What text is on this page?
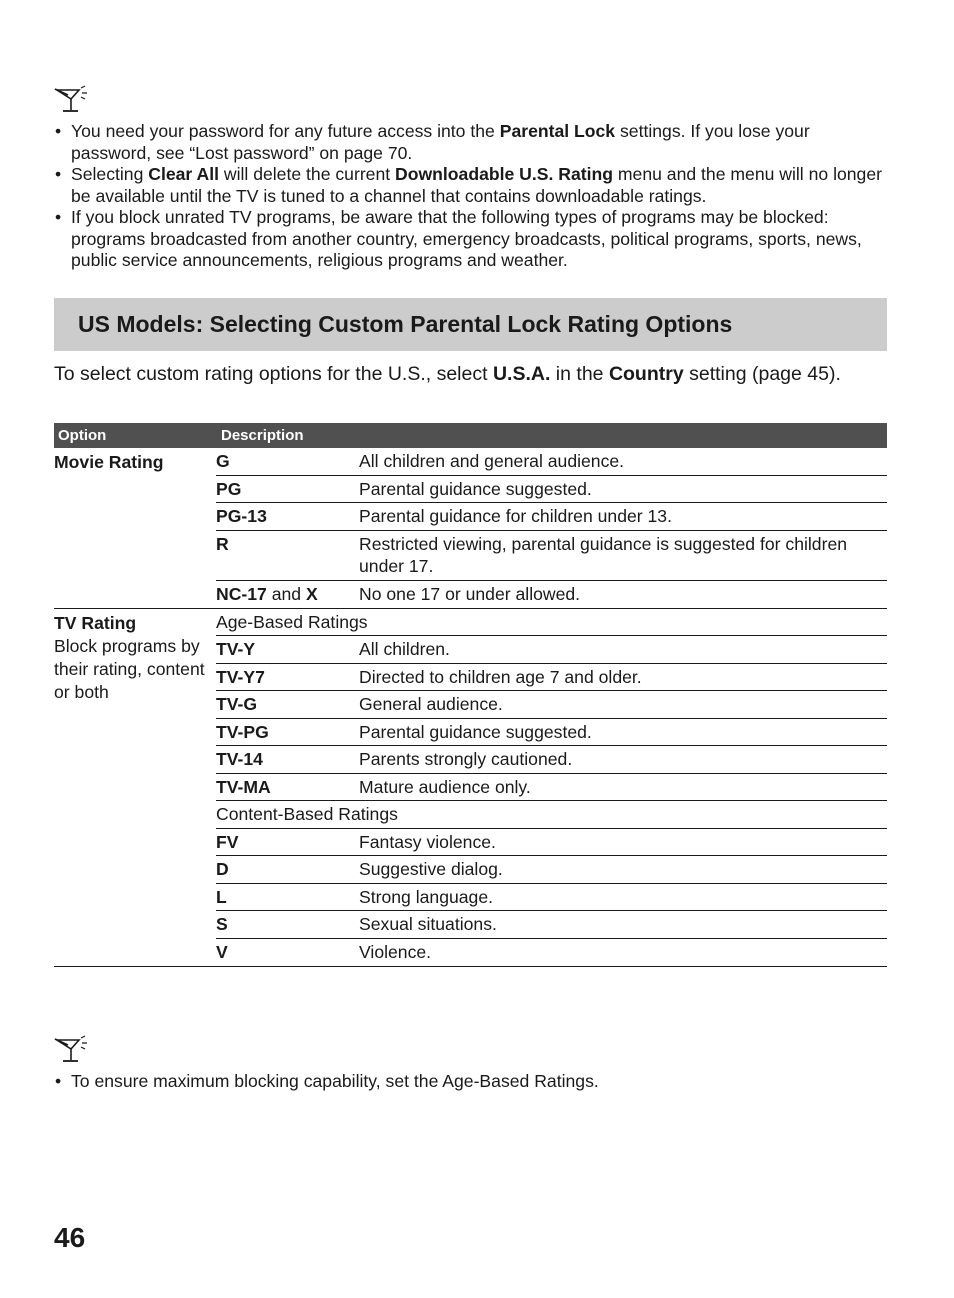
• You need your password for any future access into the Parental Lock settings. If you lose your password, see “Lost password” on page 70.
• Selecting Clear All will delete the current Downloadable U.S. Rating menu and the menu will no longer be available until the TV is tuned to a channel that contains downloadable ratings.
• If you block unrated TV programs, be aware that the following types of programs may be blocked: programs broadcasted from another country, emergency broadcasts, political programs, sports, news, public service announcements, religious programs and weather.
US Models: Selecting Custom Parental Lock Rating Options

To select custom rating options for the U.S., select U.S.A. in the Country setting (page 45).

Option	Description
Movie Rating	G	All children and general audience.
PG	Parental guidance suggested.
PG-13	Parental guidance for children under 13.
R	Restricted viewing, parental guidance is suggested for children under 17.
NC-17 and X	No one 17 or under allowed.
TV Rating
Block programs by their rating, content or both
Age-Based Ratings
TV-Y	All children.
TV-Y7	Directed to children age 7 and older.
TV-G	General audience.
TV-PG	Parental guidance suggested.
TV-14	Parents strongly cautioned.
TV-MA	Mature audience only.
Content-Based Ratings
FV	Fantasy violence.
D	Suggestive dialog.
L	Strong language.
S	Sexual situations.
V	Violence.
• To ensure maximum blocking capability, set the Age-Based Ratings.

46
